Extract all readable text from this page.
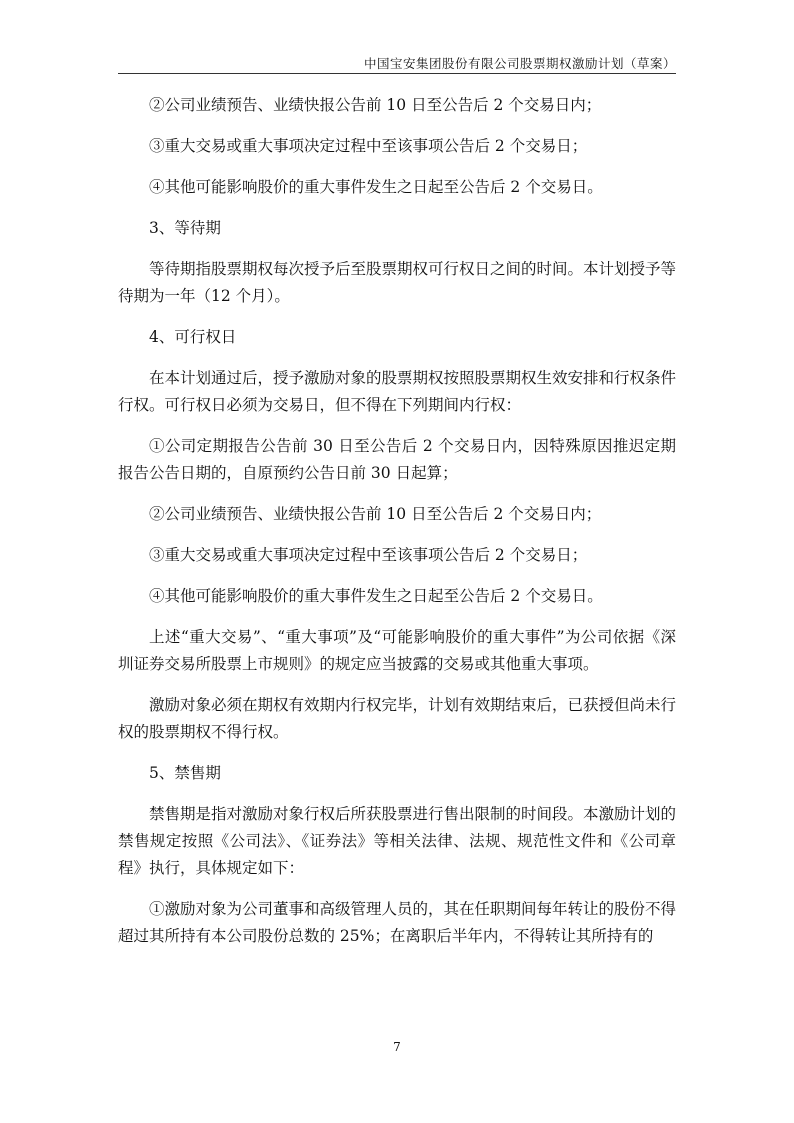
中国宝安集团股份有限公司股票期权激励计划（草案）

②公司业绩预告、业绩快报公告前 10 日至公告后 2 个交易日内；

③重大交易或重大事项决定过程中至该事项公告后 2 个交易日；

④其他可能影响股价的重大事件发生之日起至公告后 2 个交易日。

3、等待期

等待期指股票期权每次授予后至股票期权可行权日之间的时间。本计划授予等待期为一年（12 个月）。

4、可行权日

在本计划通过后，授予激励对象的股票期权按照股票期权生效安排和行权条件行权。可行权日必须为交易日，但不得在下列期间内行权：

①公司定期报告公告前 30 日至公告后 2 个交易日内，因特殊原因推迟定期报告公告日期的，自原预约公告日前 30 日起算；

②公司业绩预告、业绩快报公告前 10 日至公告后 2 个交易日内；

③重大交易或重大事项决定过程中至该事项公告后 2 个交易日；

④其他可能影响股价的重大事件发生之日起至公告后 2 个交易日。

上述“重大交易”、“重大事项”及“可能影响股价的重大事件”为公司依据《深圳证券交易所股票上市规则》的规定应当披露的交易或其他重大事项。

激励对象必须在期权有效期内行权完毕，计划有效期结束后，已获授但尚未行权的股票期权不得行权。

5、禁售期

禁售期是指对激励对象行权后所获股票进行售出限制的时间段。本激励计划的禁售规定按照《公司法》、《证券法》等相关法律、法规、规范性文件和《公司章程》执行，具体规定如下：

①激励对象为公司董事和高级管理人员的，其在任职期间每年转让的股份不得超过其所持有本公司股份总数的 25%；在离职后半年内，不得转让其所持有的

7
